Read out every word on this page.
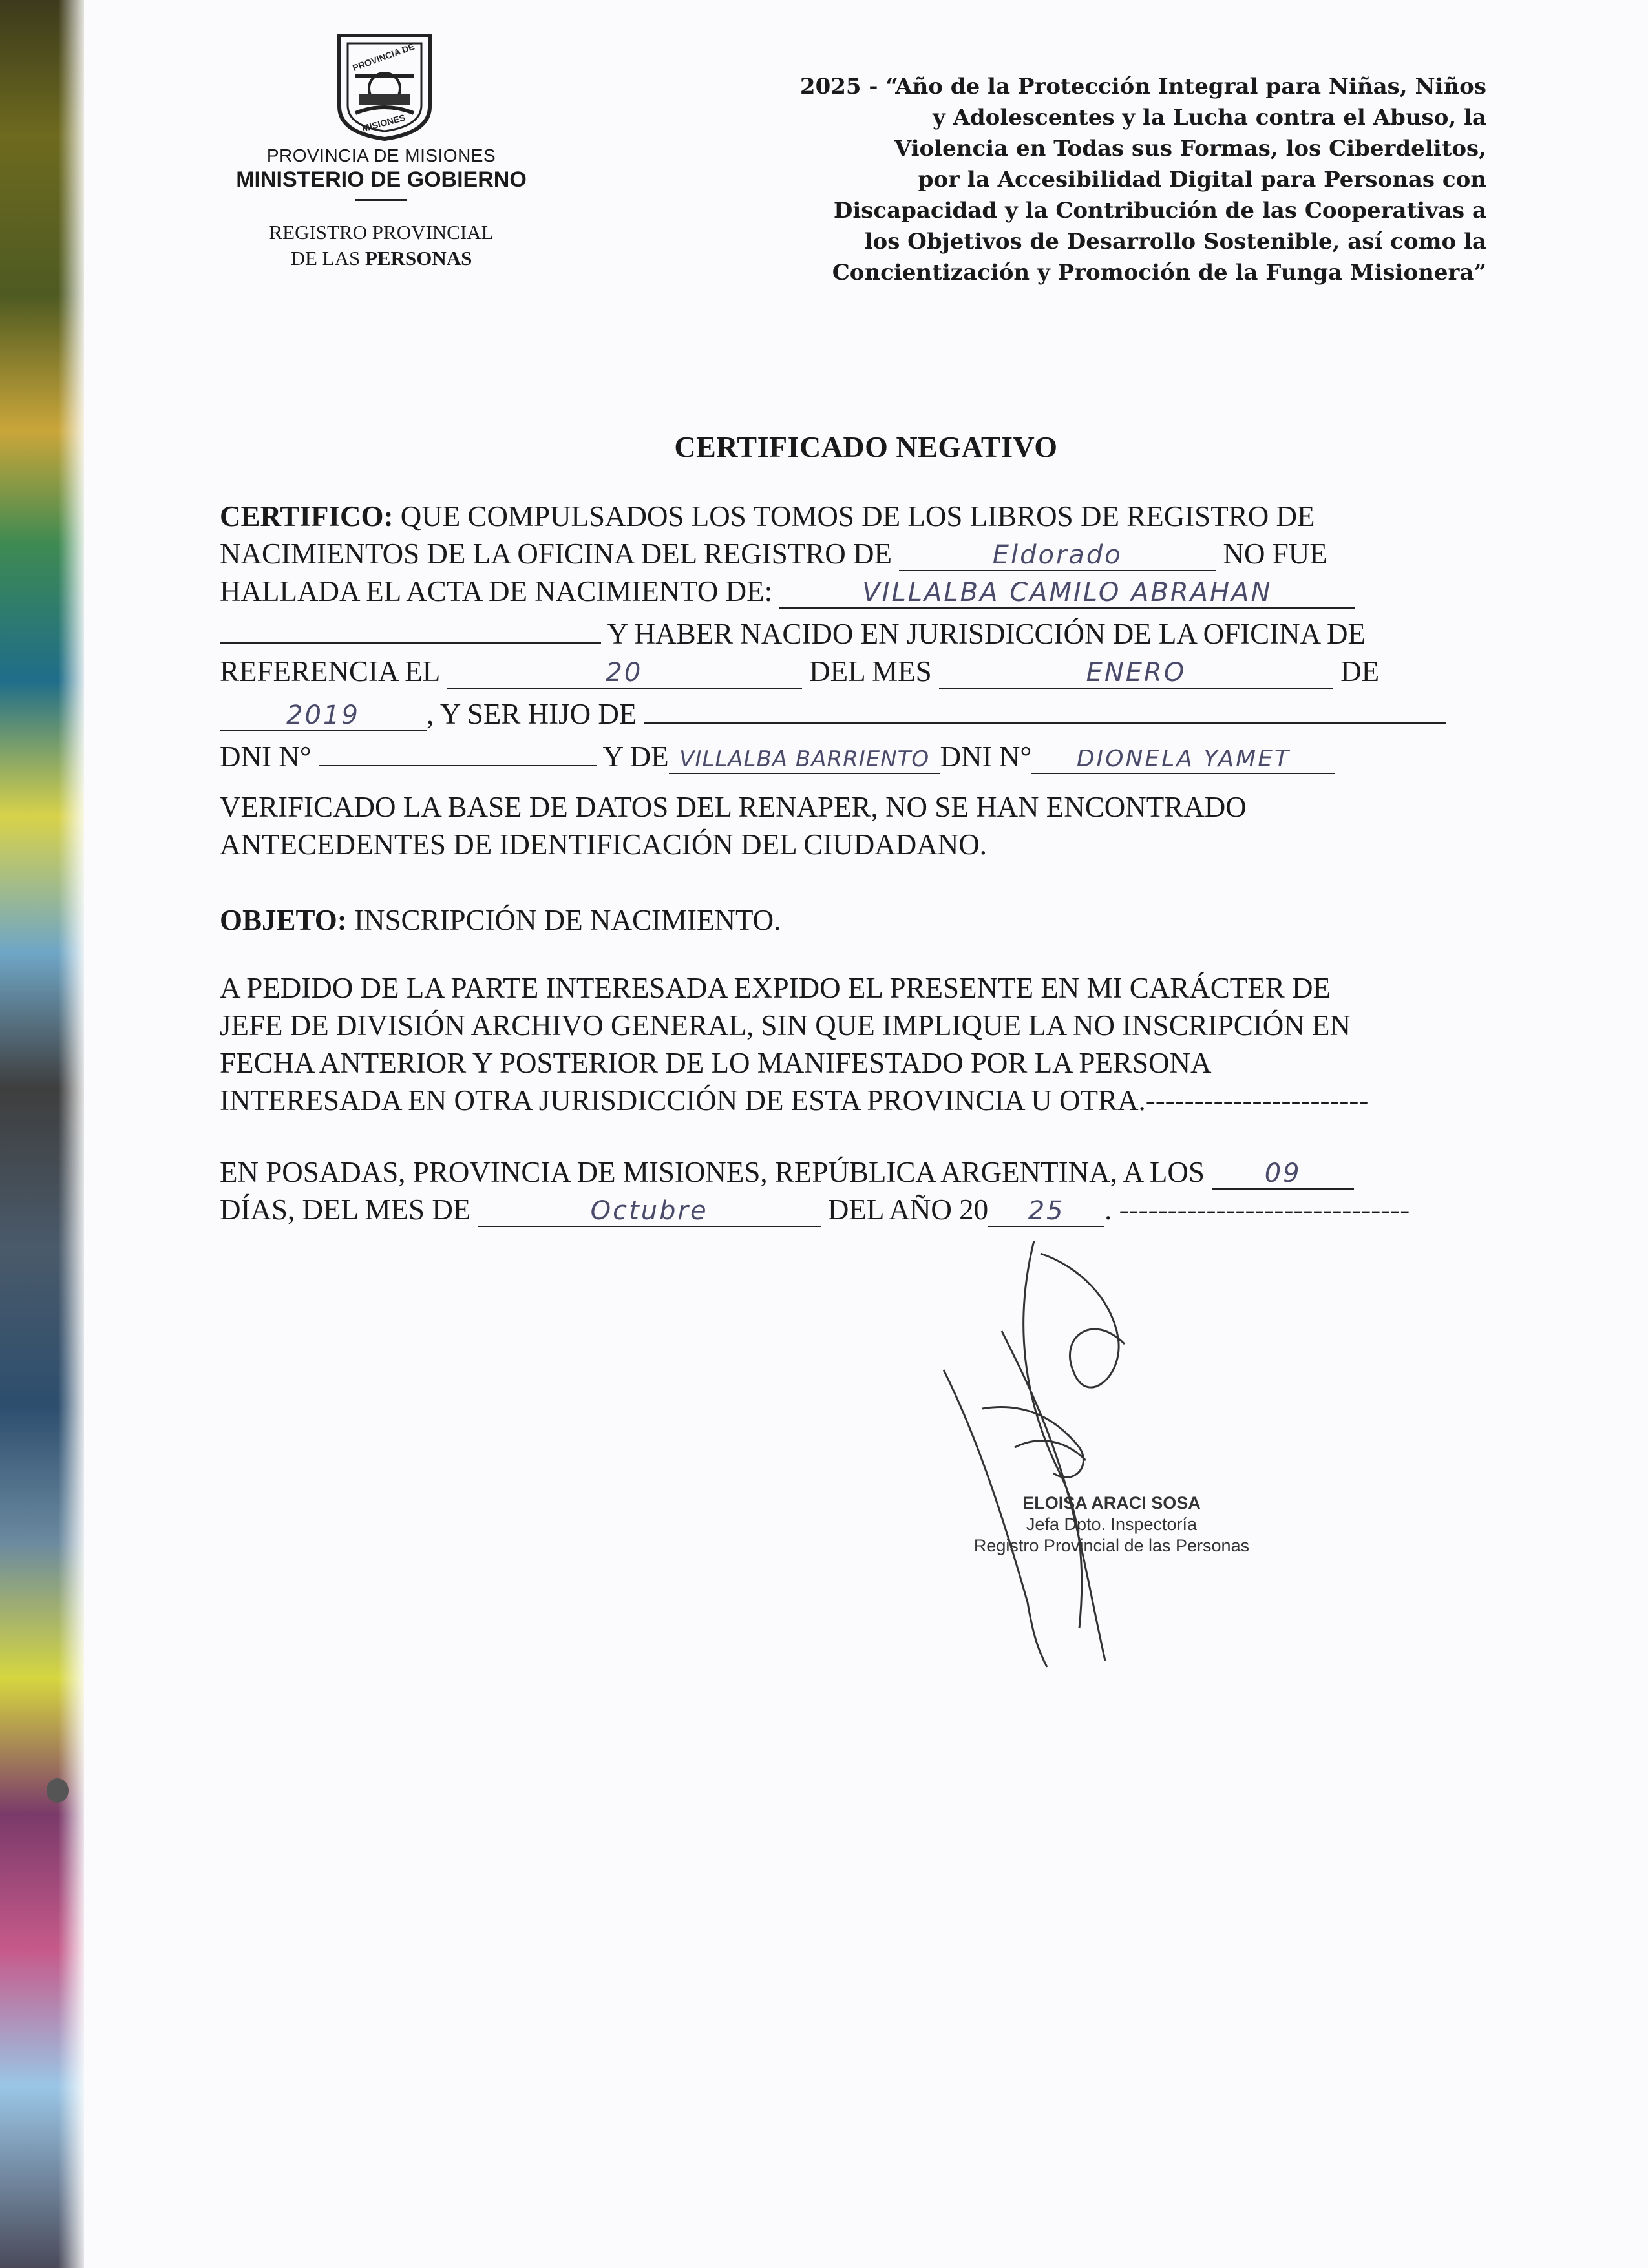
PROVINCIA DE
MISIONES
PROVINCIA DE MISIONES
MINISTERIO DE GOBIERNO
REGISTRO PROVINCIAL
DE LAS PERSONAS
2025 - “Año de la Protección Integral para Niñas, Niños
y Adolescentes y la Lucha contra el Abuso, la
Violencia en Todas sus Formas, los Ciberdelitos,
por la Accesibilidad Digital para Personas con
Discapacidad y la Contribución de las Cooperativas a
los Objetivos de Desarrollo Sostenible, así como la
Concientización y Promoción de la Funga Misionera”
CERTIFICADO NEGATIVO
CERTIFICO: QUE COMPULSADOS LOS TOMOS DE LOS LIBROS DE REGISTRO DE
NACIMIENTOS DE LA OFICINA DEL REGISTRO DE	Eldorado	NO FUE
HALLADA EL ACTA DE NACIMIENTO DE:	VILLALBA CAMILO ABRAHAN
Y HABER NACIDO EN JURISDICCIÓN DE LA OFICINA DE
REFERENCIA EL	20	DEL MES	ENERO	DE
2019 , Y SER HIJO DE
DNI N°	Y DE VILLALBA BARRIENTO DNI N° DIONELA YAMET
VERIFICADO LA BASE DE DATOS DEL RENAPER, NO SE HAN ENCONTRADO
ANTECEDENTES DE IDENTIFICACIÓN DEL CIUDADANO.
OBJETO: INSCRIPCIÓN DE NACIMIENTO.
A PEDIDO DE LA PARTE INTERESADA EXPIDO EL PRESENTE EN MI CARÁCTER DE
JEFE DE DIVISIÓN ARCHIVO GENERAL, SIN QUE IMPLIQUE LA NO INSCRIPCIÓN EN
FECHA ANTERIOR Y POSTERIOR DE LO MANIFESTADO POR LA PERSONA
INTERESADA EN OTRA JURISDICCIÓN DE ESTA PROVINCIA U OTRA.-----------------------
EN POSADAS, PROVINCIA DE MISIONES, REPÚBLICA ARGENTINA, A LOS 09
DÍAS, DEL MES DE	Octubre	DEL AÑO 20 25 . ------------------------------
ELOISA ARACI SOSA
Jefa Dpto. Inspectoría
Registro Provincial de las Personas
